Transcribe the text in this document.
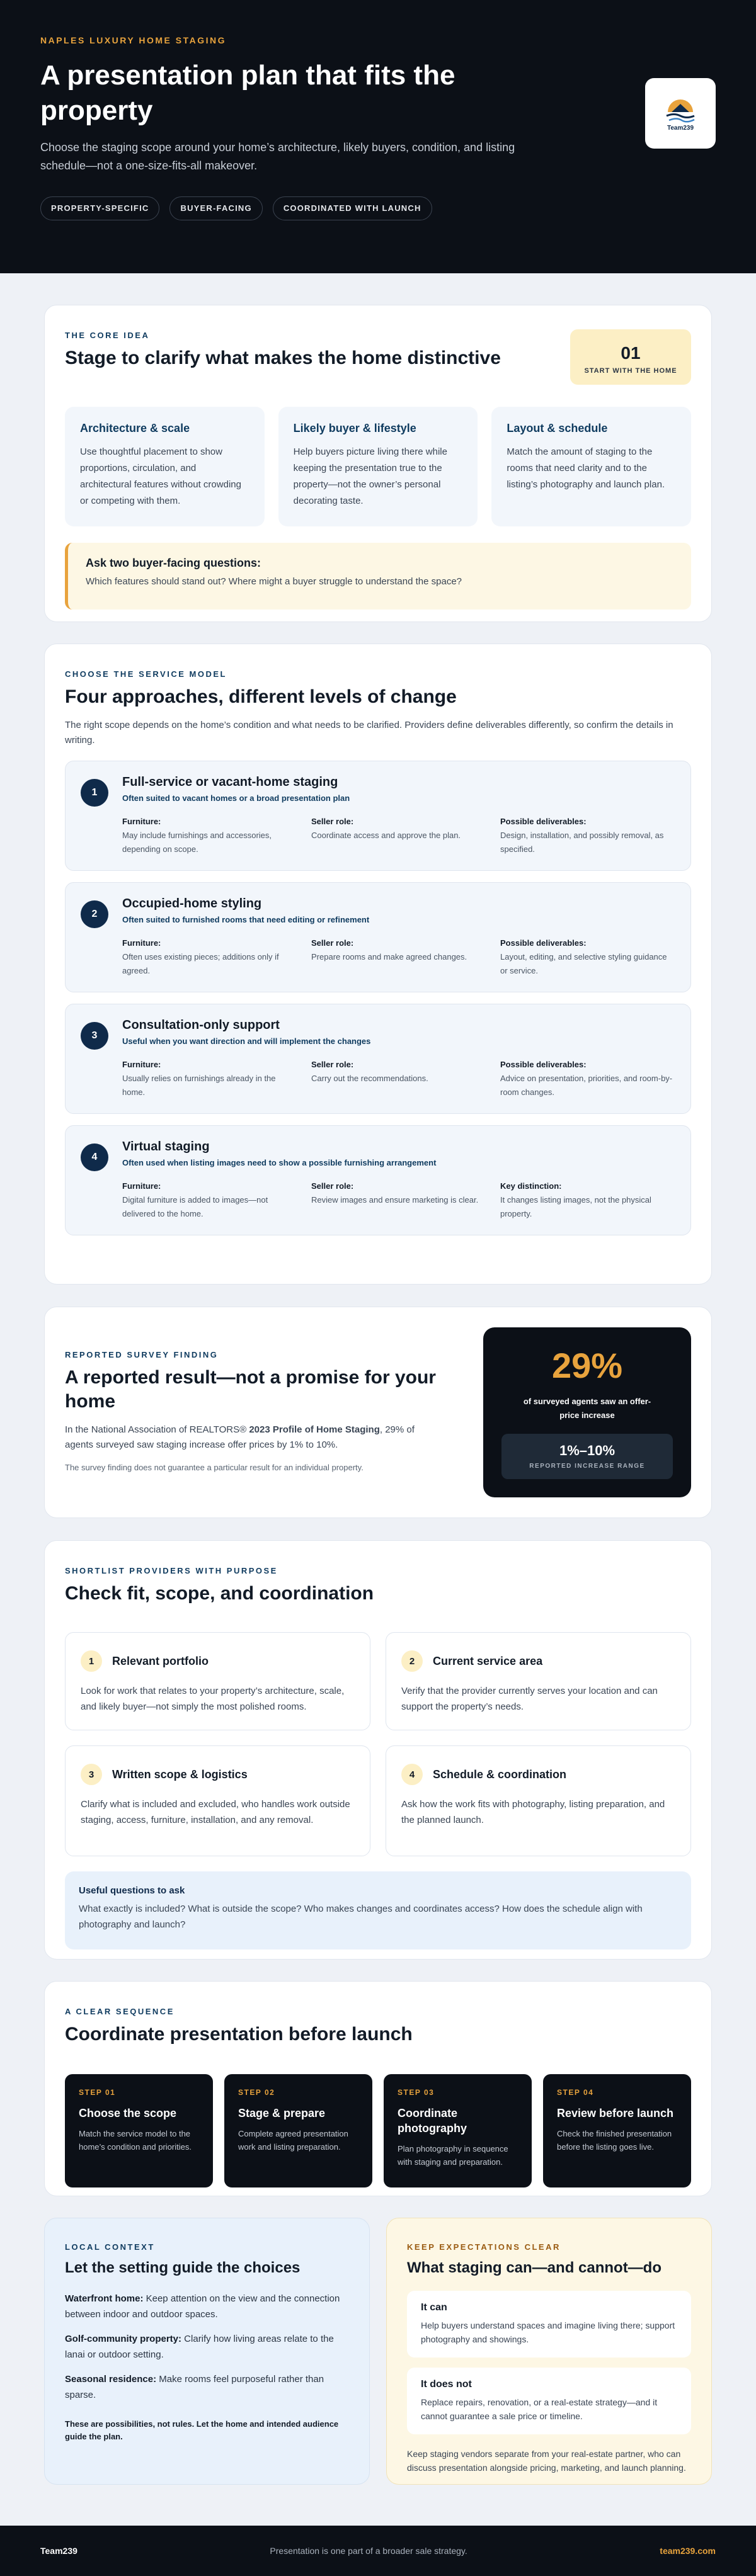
NAPLES LUXURY HOME STAGING
A presentation plan that fits the property

Choose the staging scope around your home’s architecture, likely buyers, condition, and listing schedule—not a one-size-fits-all makeover.

PROPERTY-SPECIFIC	BUYER-FACING	COORDINATED WITH LAUNCH
Team239
THE CORE IDEA
Stage to clarify what makes the home distinctive	01
START WITH THE HOME
Architecture & scale

Use thoughtful placement to show proportions, circulation, and architectural features without crowding or competing with them.

Likely buyer & lifestyle

Help buyers picture living there while keeping the presentation true to the property—not the owner’s personal decorating taste.

Layout & schedule

Match the amount of staging to the rooms that need clarity and to the listing’s photography and launch plan.

Ask two buyer-facing questions:

Which features should stand out? Where might a buyer struggle to understand the space?

CHOOSE THE SERVICE MODEL
Four approaches, different levels of change

The right scope depends on the home’s condition and what needs to be clarified. Providers define deliverables differently, so confirm the details in writing.

1
Full-service or vacant-home staging
Often suited to vacant homes or a broad presentation plan
Furniture:
May include furnishings and accessories, depending on scope.
Seller role:
Coordinate access and approve the plan.
Possible deliverables:
Design, installation, and possibly removal, as specified.
2
Occupied-home styling
Often suited to furnished rooms that need editing or refinement
Furniture:
Often uses existing pieces; additions only if agreed.
Seller role:
Prepare rooms and make agreed changes.
Possible deliverables:
Layout, editing, and selective styling guidance or service.
3
Consultation-only support
Useful when you want direction and will implement the changes
Furniture:
Usually relies on furnishings already in the home.
Seller role:
Carry out the recommendations.
Possible deliverables:
Advice on presentation, priorities, and room-by-room changes.
4
Virtual staging
Often used when listing images need to show a possible furnishing arrangement
Furniture:
Digital furniture is added to images—not delivered to the home.
Seller role:
Review images and ensure marketing is clear.
Key distinction:
It changes listing images, not the physical property.
REPORTED SURVEY FINDING
A reported result—not a promise for your home

In the National Association of REALTORS® 2023 Profile of Home Staging, 29% of agents surveyed saw staging increase offer prices by 1% to 10%.

The survey finding does not guarantee a particular result for an individual property.

29%
of surveyed agents saw an offer-price increase
1%–10%
REPORTED INCREASE RANGE
SHORTLIST PROVIDERS WITH PURPOSE
Check fit, scope, and coordination
1	Relevant portfolio

Look for work that relates to your property’s architecture, scale, and likely buyer—not simply the most polished rooms.

2	Current service area

Verify that the provider currently serves your location and can support the property’s needs.

3	Written scope & logistics

Clarify what is included and excluded, who handles work outside staging, access, furniture, installation, and any removal.

4	Schedule & coordination

Ask how the work fits with photography, listing preparation, and the planned launch.

Useful questions to ask

What exactly is included? What is outside the scope? Who makes changes and coordinates access? How does the schedule align with photography and launch?

A CLEAR SEQUENCE
Coordinate presentation before launch
STEP 01
Choose the scope

Match the service model to the home’s condition and priorities.

STEP 02
Stage & prepare

Complete agreed presentation work and listing preparation.

STEP 03
Coordinate photography

Plan photography in sequence with staging and preparation.

STEP 04
Review before launch

Check the finished presentation before the listing goes live.

LOCAL CONTEXT
Let the setting guide the choices

Waterfront home: Keep attention on the view and the connection between indoor and outdoor spaces.

Golf-community property: Clarify how living areas relate to the lanai or outdoor setting.

Seasonal residence: Make rooms feel purposeful rather than sparse.

These are possibilities, not rules. Let the home and intended audience guide the plan.
KEEP EXPECTATIONS CLEAR
What staging can—and cannot—do
It can

Help buyers understand spaces and imagine living there; support photography and showings.

It does not

Replace repairs, renovation, or a real-estate strategy—and it cannot guarantee a sale price or timeline.

Keep staging vendors separate from your real-estate partner, who can discuss presentation alongside pricing, marketing, and launch planning.

Team239	Presentation is one part of a broader sale strategy.	team239.com
